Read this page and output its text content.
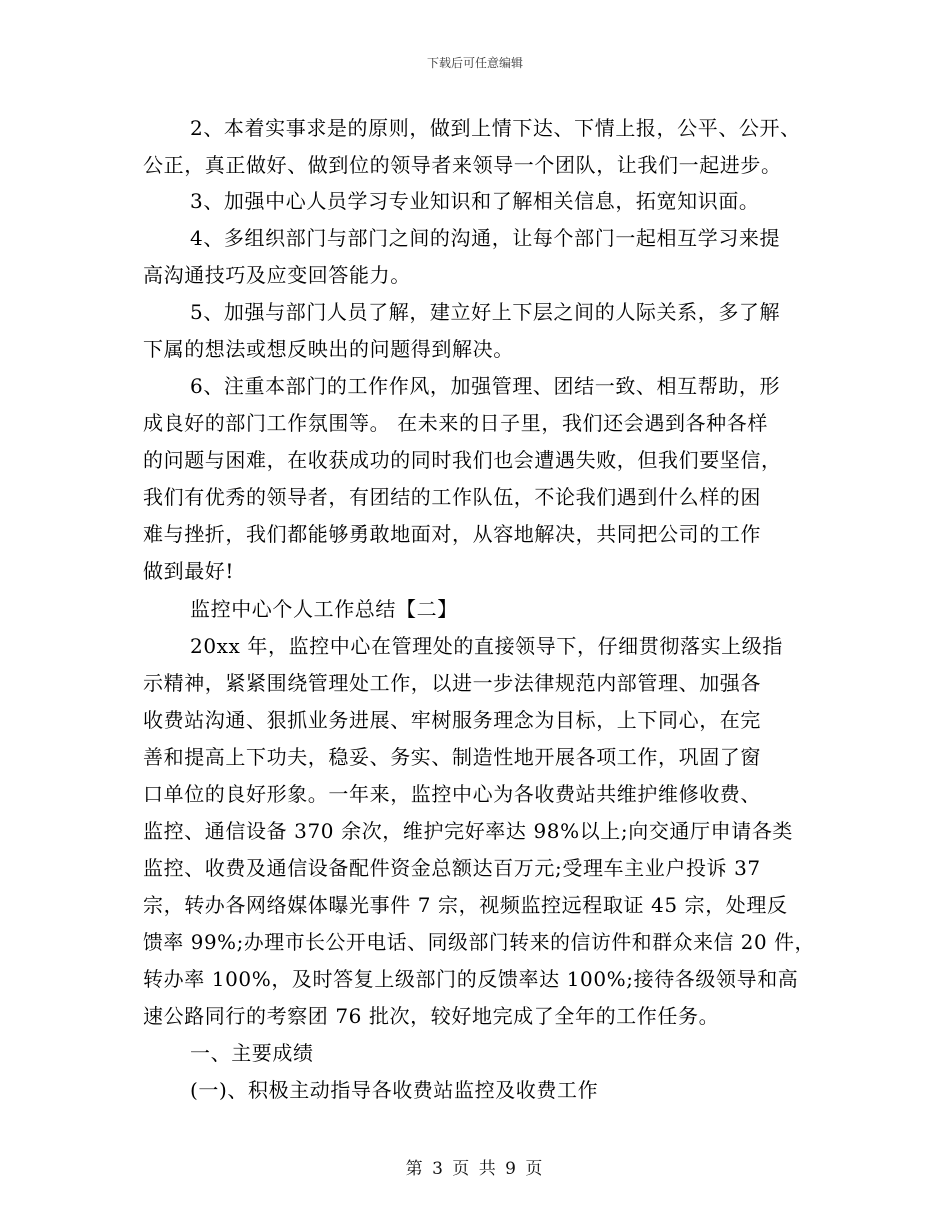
下载后可任意编辑
2、本着实事求是的原则，做到上情下达、下情上报，公平、公开、
公正，真正做好、做到位的领导者来领导一个团队，让我们一起进步。
3、加强中心人员学习专业知识和了解相关信息，拓宽知识面。
4、多组织部门与部门之间的沟通，让每个部门一起相互学习来提
高沟通技巧及应变回答能力。
5、加强与部门人员了解，建立好上下层之间的人际关系，多了解
下属的想法或想反映出的问题得到解决。
6、注重本部门的工作作风，加强管理、团结一致、相互帮助，形
成良好的部门工作氛围等。 在未来的日子里，我们还会遇到各种各样
的问题与困难，在收获成功的同时我们也会遭遇失败，但我们要坚信，
我们有优秀的领导者，有团结的工作队伍，不论我们遇到什么样的困
难与挫折，我们都能够勇敢地面对，从容地解决，共同把公司的工作
做到最好!
监控中心个人工作总结【二】
20xx 年，监控中心在管理处的直接领导下，仔细贯彻落实上级指
示精神，紧紧围绕管理处工作，以进一步法律规范内部管理、加强各
收费站沟通、狠抓业务进展、牢树服务理念为目标，上下同心，在完
善和提高上下功夫，稳妥、务实、制造性地开展各项工作，巩固了窗
口单位的良好形象。一年来，监控中心为各收费站共维护维修收费、
监控、通信设备 370 余次，维护完好率达 98%以上;向交通厅申请各类
监控、收费及通信设备配件资金总额达百万元;受理车主业户投诉 37
宗，转办各网络媒体曝光事件 7 宗，视频监控远程取证 45 宗，处理反
馈率 99%;办理市长公开电话、同级部门转来的信访件和群众来信 20 件，
转办率 100%，及时答复上级部门的反馈率达 100%;接待各级领导和高
速公路同行的考察团 76 批次，较好地完成了全年的工作任务。
一、主要成绩
(一)、积极主动指导各收费站监控及收费工作
第 3 页 共 9 页
